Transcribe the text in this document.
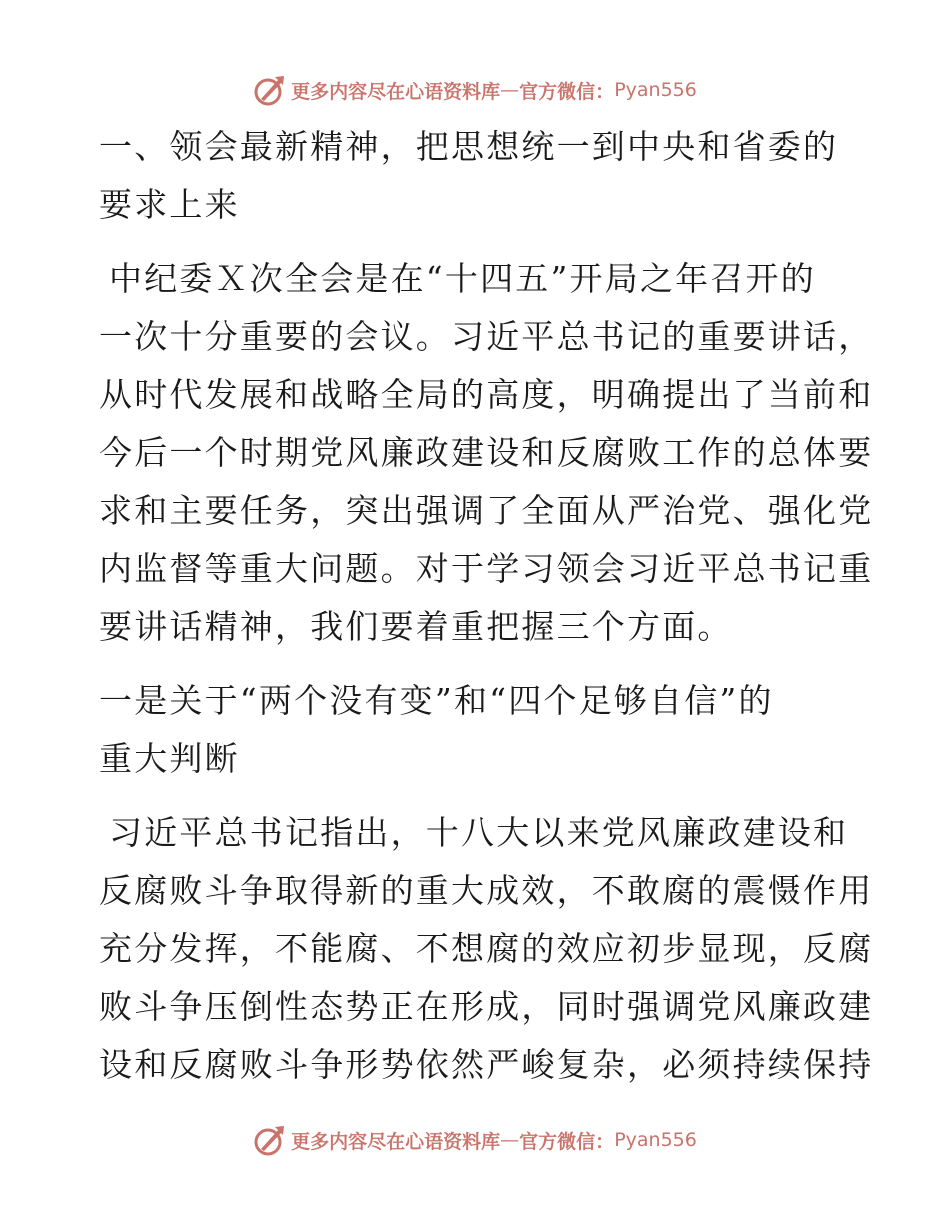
更多内容尽在心语资料库 — 官方微信： Pyan556
一、领会最新精神，把思想统一到中央和省委的
要求上来
中纪委Ｘ次全会是在“十四五”开局之年召开的
一次十分重要的会议。习近平总书记的重要讲话，
从时代发展和战略全局的高度，明确提出了当前和
今后一个时期党风廉政建设和反腐败工作的总体要
求和主要任务，突出强调了全面从严治党、强化党
内监督等重大问题。对于学习领会习近平总书记重
要讲话精神，我们要着重把握三个方面。
一是关于“两个没有变”和“四个足够自信”的
重大判断
习近平总书记指出，十八大以来党风廉政建设和
反腐败斗争取得新的重大成效，不敢腐的震慑作用
充分发挥，不能腐、不想腐的效应初步显现，反腐
败斗争压倒性态势正在形成，同时强调党风廉政建
设和反腐败斗争形势依然严峻复杂，必须持续保持
更多内容尽在心语资料库 — 官方微信： Pyan556
